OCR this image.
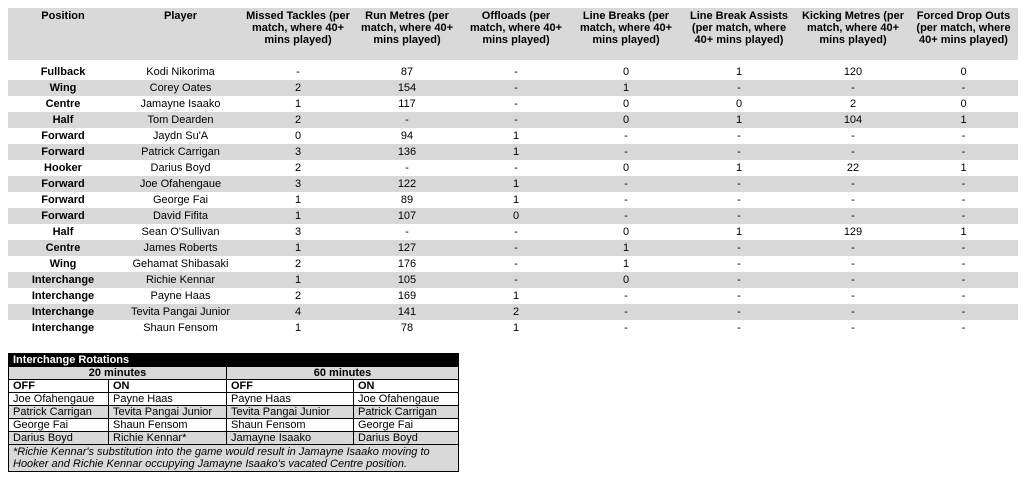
Position	Player	Missed Tackles (per match, where 40+ mins played)	Run Metres (per match, where 40+ mins played)	Offloads (per match, where 40+ mins played)	Line Breaks (per match, where 40+ mins played)	Line Break Assists (per match, where 40+ mins played)	Kicking Metres (per match, where 40+ mins played)	Forced Drop Outs (per match, where 40+ mins played)

Fullback	Kodi Nikorima	-	87	-	0	1	120	0
Wing	Corey Oates	2	154	-	1	-	-	-
Centre	Jamayne Isaako	1	117	-	0	0	2	0
Half	Tom Dearden	2	-	-	0	1	104	1
Forward	Jaydn Su'A	0	94	1	-	-	-	-
Forward	Patrick Carrigan	3	136	1	-	-	-	-
Hooker	Darius Boyd	2	-	-	0	1	22	1
Forward	Joe Ofahengaue	3	122	1	-	-	-	-
Forward	George Fai	1	89	1	-	-	-	-
Forward	David Fifita	1	107	0	-	-	-	-
Half	Sean O'Sullivan	3	-	-	0	1	129	1
Centre	James Roberts	1	127	-	1	-	-	-
Wing	Gehamat Shibasaki	2	176	-	1	-	-	-
Interchange	Richie Kennar	1	105	-	0	-	-	-
Interchange	Payne Haas	2	169	1	-	-	-	-
Interchange	Tevita Pangai Junior	4	141	2	-	-	-	-
Interchange	Shaun Fensom	1	78	1	-	-	-	-
Interchange Rotations			
20 minutes		60 minutes	
OFF	ON	OFF	ON
Joe Ofahengaue	Payne Haas	Payne Haas	Joe Ofahengaue
Patrick Carrigan	Tevita Pangai Junior	Tevita Pangai Junior	Patrick Carrigan
George Fai	Shaun Fensom	Shaun Fensom	George Fai
Darius Boyd	Richie Kennar*	Jamayne Isaako	Darius Boyd
*Richie Kennar's substitution into the game would result in Jamayne Isaako moving to Hooker and Richie Kennar occupying Jamayne Isaako's vacated Centre position.			
